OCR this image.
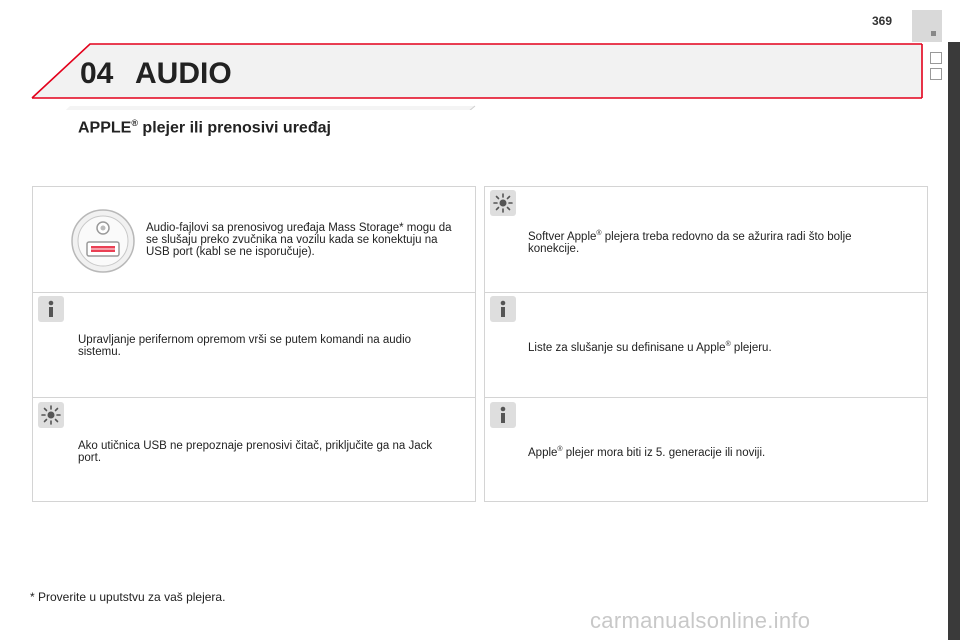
369
04 AUDIO
APPLE® plejer ili prenosivi uređaj
Audio-fajlovi sa prenosivog uređaja Mass Storage* mogu da se slušaju preko zvučnika na vozilu kada se konektuju na USB port (kabl se ne isporučuje).
Upravljanje perifernom opremom vrši se putem komandi na audio sistemu.
Ako utičnica USB ne prepoznaje prenosivi čitač, priključite ga na Jack port.
Softver Apple® plejera treba redovno da se ažurira radi što bolje konekcije.
Liste za slušanje su definisane u Apple® plejeru.
Apple® plejer mora biti iz 5. generacije ili noviji.
* Proverite u uputstvu za vaš plejera.
carmanualsonline.info
